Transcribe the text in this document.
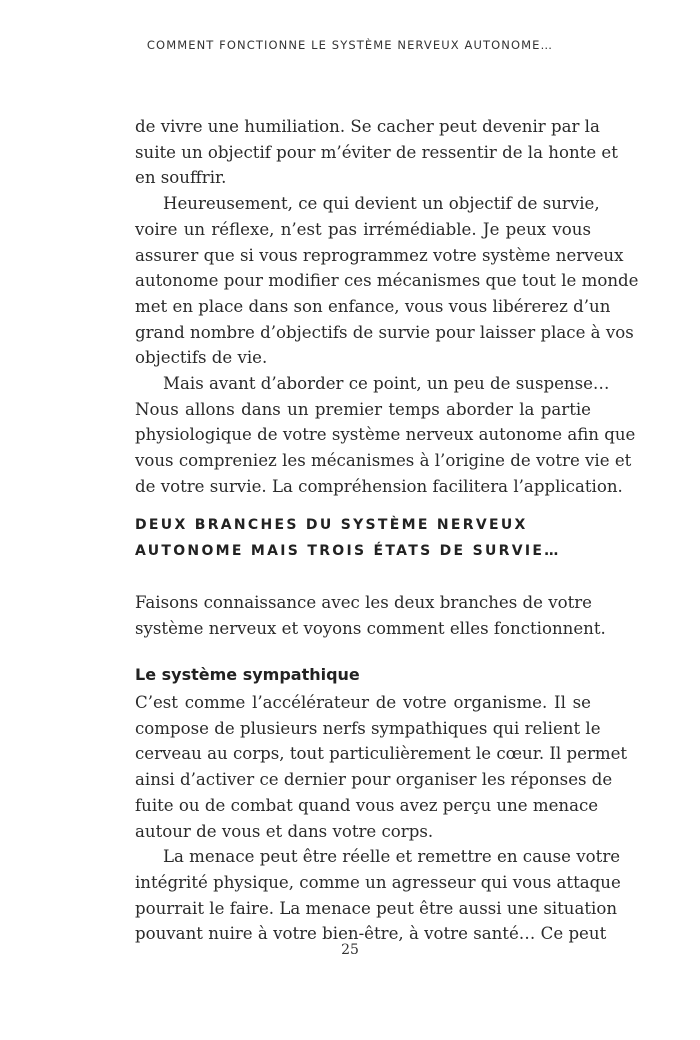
COMMENT FONCTIONNE LE SYSTÈME NERVEUX AUTONOME…
de vivre une humiliation. Se cacher peut devenir par la
suite un objectif pour m’éviter de ressentir de la honte et
en souffrir.
Heureusement, ce qui devient un objectif de survie,
voire un réflexe, n’est pas irrémédiable. Je peux vous
assurer que si vous reprogrammez votre système nerveux
autonome pour modifier ces mécanismes que tout le monde
met en place dans son enfance, vous vous libérerez d’un
grand nombre d’objectifs de survie pour laisser place à vos
objectifs de vie.
Mais avant d’aborder ce point, un peu de suspense…
Nous allons dans un premier temps aborder la partie
physiologique de votre système nerveux autonome afin que
vous compreniez les mécanismes à l’origine de votre vie et
de votre survie. La compréhension facilitera l’application.
DEUX BRANCHES DU SYSTÈME NERVEUX
AUTONOME MAIS TROIS ÉTATS DE SURVIE…
Faisons connaissance avec les deux branches de votre
système nerveux et voyons comment elles fonctionnent.
Le système sympathique
C’est comme l’accélérateur de votre organisme. Il se
compose de plusieurs nerfs sympathiques qui relient le
cerveau au corps, tout particulièrement le cœur. Il permet
ainsi d’activer ce dernier pour organiser les réponses de
fuite ou de combat quand vous avez perçu une menace
autour de vous et dans votre corps.
La menace peut être réelle et remettre en cause votre
intégrité physique, comme un agresseur qui vous attaque
pourrait le faire. La menace peut être aussi une situation
pouvant nuire à votre bien-être, à votre santé… Ce peut
25
